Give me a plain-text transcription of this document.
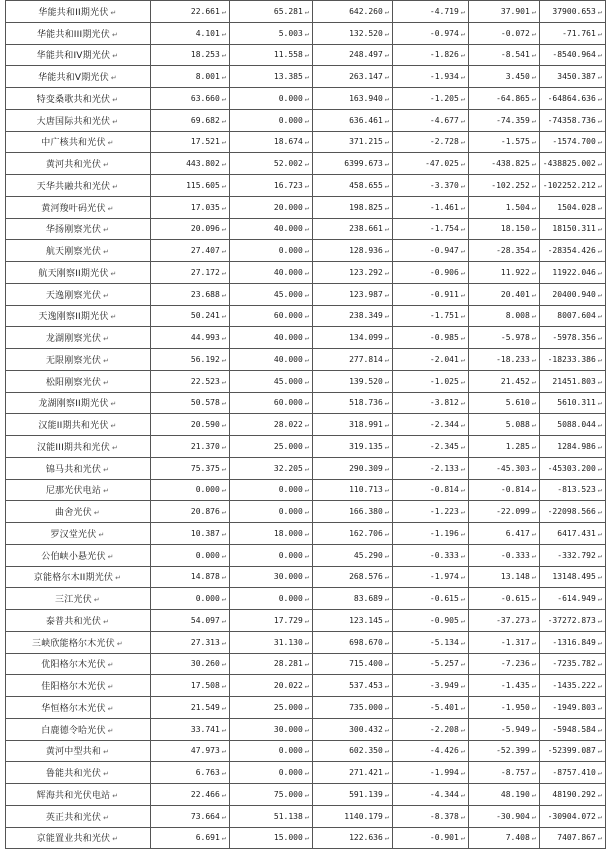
华能共和II期光伏 ↵	22.661 ↵	65.281 ↵	642.260 ↵	-4.719 ↵	37.901 ↵	37900.653 ↵
华能共和III期光伏 ↵	4.101 ↵	5.003 ↵	132.520 ↵	-0.974 ↵	-0.072 ↵	-71.761 ↵
华能共和IV期光伏 ↵	18.253 ↵	11.558 ↵	248.497 ↵	-1.826 ↵	-8.541 ↵	-8540.964 ↵
华能共和V期光伏 ↵	8.001 ↵	13.385 ↵	263.147 ↵	-1.934 ↵	3.450 ↵	3450.387 ↵
特变桑歌共和光伏 ↵	63.660 ↵	0.000 ↵	163.940 ↵	-1.205 ↵	-64.865 ↵	-64864.636 ↵
大唐国际共和光伏 ↵	69.682 ↵	0.000 ↵	636.461 ↵	-4.677 ↵	-74.359 ↵	-74358.736 ↵
中广核共和光伏 ↵	17.521 ↵	18.674 ↵	371.215 ↵	-2.728 ↵	-1.575 ↵	-1574.700 ↵
黄河共和光伏 ↵	443.802 ↵	52.002 ↵	6399.673 ↵	-47.025 ↵	-438.825 ↵	-438825.002 ↵
天华共融共和光伏 ↵	115.605 ↵	16.723 ↵	458.655 ↵	-3.370 ↵	-102.252 ↵	-102252.212 ↵
黄河羧叶码光伏 ↵	17.035 ↵	20.000 ↵	198.825 ↵	-1.461 ↵	1.504 ↵	1504.028 ↵
华扬刚察光伏 ↵	20.096 ↵	40.000 ↵	238.661 ↵	-1.754 ↵	18.150 ↵	18150.311 ↵
航天刚察光伏 ↵	27.407 ↵	0.000 ↵	128.936 ↵	-0.947 ↵	-28.354 ↵	-28354.426 ↵
航天刚察II期光伏 ↵	27.172 ↵	40.000 ↵	123.292 ↵	-0.906 ↵	11.922 ↵	11922.046 ↵
天逸刚察光伏 ↵	23.688 ↵	45.000 ↵	123.987 ↵	-0.911 ↵	20.401 ↵	20400.940 ↵
天逸刚察II期光伏 ↵	50.241 ↵	60.000 ↵	238.349 ↵	-1.751 ↵	8.008 ↵	8007.604 ↵
龙湖刚察光伏 ↵	44.993 ↵	40.000 ↵	134.099 ↵	-0.985 ↵	-5.978 ↵	-5978.356 ↵
无限刚察光伏 ↵	56.192 ↵	40.000 ↵	277.814 ↵	-2.041 ↵	-18.233 ↵	-18233.386 ↵
松阳刚察光伏 ↵	22.523 ↵	45.000 ↵	139.520 ↵	-1.025 ↵	21.452 ↵	21451.803 ↵
龙湖刚察II期光伏 ↵	50.578 ↵	60.000 ↵	518.736 ↵	-3.812 ↵	5.610 ↵	5610.311 ↵
汉能II期共和光伏 ↵	20.590 ↵	28.022 ↵	318.991 ↵	-2.344 ↵	5.088 ↵	5088.044 ↵
汉能III期共和光伏 ↵	21.370 ↵	25.000 ↵	319.135 ↵	-2.345 ↵	1.285 ↵	1284.986 ↵
锦马共和光伏 ↵	75.375 ↵	32.205 ↵	290.309 ↵	-2.133 ↵	-45.303 ↵	-45303.200 ↵
尼那光伏电站 ↵	0.000 ↵	0.000 ↵	110.713 ↵	-0.814 ↵	-0.814 ↵	-813.523 ↵
曲舍光伏 ↵	20.876 ↵	0.000 ↵	166.380 ↵	-1.223 ↵	-22.099 ↵	-22098.566 ↵
罗汉堂光伏 ↵	10.387 ↵	18.000 ↵	162.706 ↵	-1.196 ↵	6.417 ↵	6417.431 ↵
公伯峡小悬光伏 ↵	0.000 ↵	0.000 ↵	45.290 ↵	-0.333 ↵	-0.333 ↵	-332.792 ↵
京能格尔木II期光伏 ↵	14.878 ↵	30.000 ↵	268.576 ↵	-1.974 ↵	13.148 ↵	13148.495 ↵
三江光伏 ↵	0.000 ↵	0.000 ↵	83.689 ↵	-0.615 ↵	-0.615 ↵	-614.949 ↵
泰普共和光伏 ↵	54.097 ↵	17.729 ↵	123.145 ↵	-0.905 ↵	-37.273 ↵	-37272.873 ↵
三峡欣能格尔木光伏 ↵	27.313 ↵	31.130 ↵	698.670 ↵	-5.134 ↵	-1.317 ↵	-1316.849 ↵
优阳格尔木光伏 ↵	30.260 ↵	28.281 ↵	715.400 ↵	-5.257 ↵	-7.236 ↵	-7235.782 ↵
佳阳格尔木光伏 ↵	17.508 ↵	20.022 ↵	537.453 ↵	-3.949 ↵	-1.435 ↵	-1435.222 ↵
华恒格尔木光伏 ↵	21.549 ↵	25.000 ↵	735.000 ↵	-5.401 ↵	-1.950 ↵	-1949.803 ↵
白鹿德令哈光伏 ↵	33.741 ↵	30.000 ↵	300.432 ↵	-2.208 ↵	-5.949 ↵	-5948.584 ↵
黄河中型共和 ↵	47.973 ↵	0.000 ↵	602.350 ↵	-4.426 ↵	-52.399 ↵	-52399.087 ↵
鲁能共和光伏 ↵	6.763 ↵	0.000 ↵	271.421 ↵	-1.994 ↵	-8.757 ↵	-8757.410 ↵
辉海共和光伏电站 ↵	22.466 ↵	75.000 ↵	591.139 ↵	-4.344 ↵	48.190 ↵	48190.292 ↵
英正共和光伏 ↵	73.664 ↵	51.138 ↵	1140.179 ↵	-8.378 ↵	-30.904 ↵	-30904.072 ↵
京能置业共和光伏 ↵	6.691 ↵	15.000 ↵	122.636 ↵	-0.901 ↵	7.408 ↵	7407.867 ↵
